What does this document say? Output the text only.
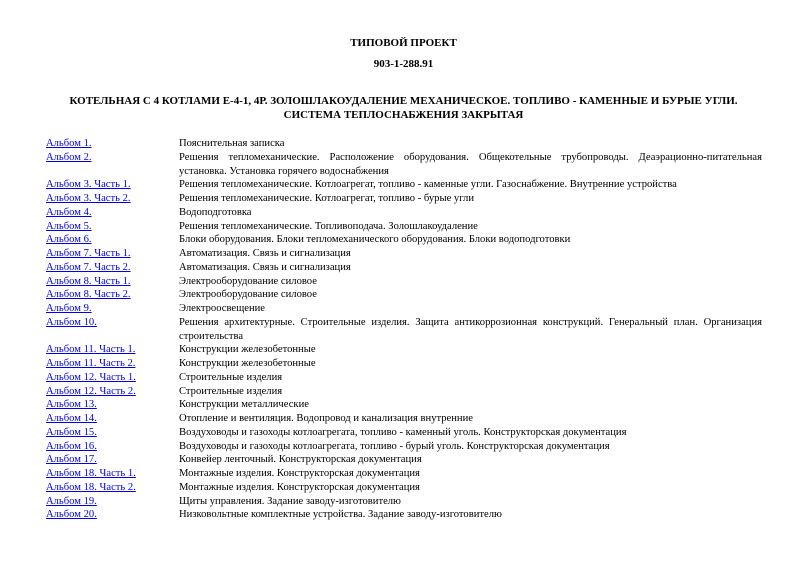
ТИПОВОЙ ПРОЕКТ
903-1-288.91
КОТЕЛЬНАЯ С 4 КОТЛАМИ Е-4-1, 4Р. ЗОЛОШЛАКОУДАЛЕНИЕ МЕХАНИЧЕСКОЕ. ТОПЛИВО - КАМЕННЫЕ И БУРЫЕ УГЛИ.
СИСТЕМА ТЕПЛОСНАБЖЕНИЯ ЗАКРЫТАЯ
Альбом 1.	Пояснительная записка
Альбом 2.	Решения тепломеханические. Расположение оборудования. Общекотельные трубопроводы. Деаэрационно-питательная установка. Установка горячего водоснабжения
Альбом 3. Часть 1.	Решения тепломеханические. Котлоагрегат, топливо - каменные угли. Газоснабжение. Внутренние устройства
Альбом 3. Часть 2.	Решения тепломеханические. Котлоагрегат, топливо - бурые угли
Альбом 4.	Водоподготовка
Альбом 5.	Решения тепломеханические. Топливоподача. Золошлакоудаление
Альбом 6.	Блоки оборудования. Блоки тепломеханического оборудования. Блоки водоподготовки
Альбом 7. Часть 1.	Автоматизация. Связь и сигнализация
Альбом 7. Часть 2.	Автоматизация. Связь и сигнализация
Альбом 8. Часть 1.	Электрооборудование силовое
Альбом 8. Часть 2.	Электрооборудование силовое
Альбом 9.	Электроосвещение
Альбом 10.	Решения архитектурные. Строительные изделия. Защита антикоррозионная конструкций. Генеральный план. Организация строительства
Альбом 11. Часть 1.	Конструкции железобетонные
Альбом 11. Часть 2.	Конструкции железобетонные
Альбом 12. Часть 1.	Строительные изделия
Альбом 12. Часть 2.	Строительные изделия
Альбом 13.	Конструкции металлические
Альбом 14.	Отопление и вентиляция. Водопровод и канализация внутренние
Альбом 15.	Воздуховоды и газоходы котлоагрегата, топливо - каменный уголь. Конструкторская документация
Альбом 16.	Воздуховоды и газоходы котлоагрегата, топливо - бурый уголь. Конструкторская документация
Альбом 17.	Конвейер ленточный. Конструкторская документация
Альбом 18. Часть 1.	Монтажные изделия. Конструкторская документация
Альбом 18. Часть 2.	Монтажные изделия. Конструкторская документация
Альбом 19.	Щиты управления. Задание заводу-изготовителю
Альбом 20.	Низковольтные комплектные устройства. Задание заводу-изготовителю
